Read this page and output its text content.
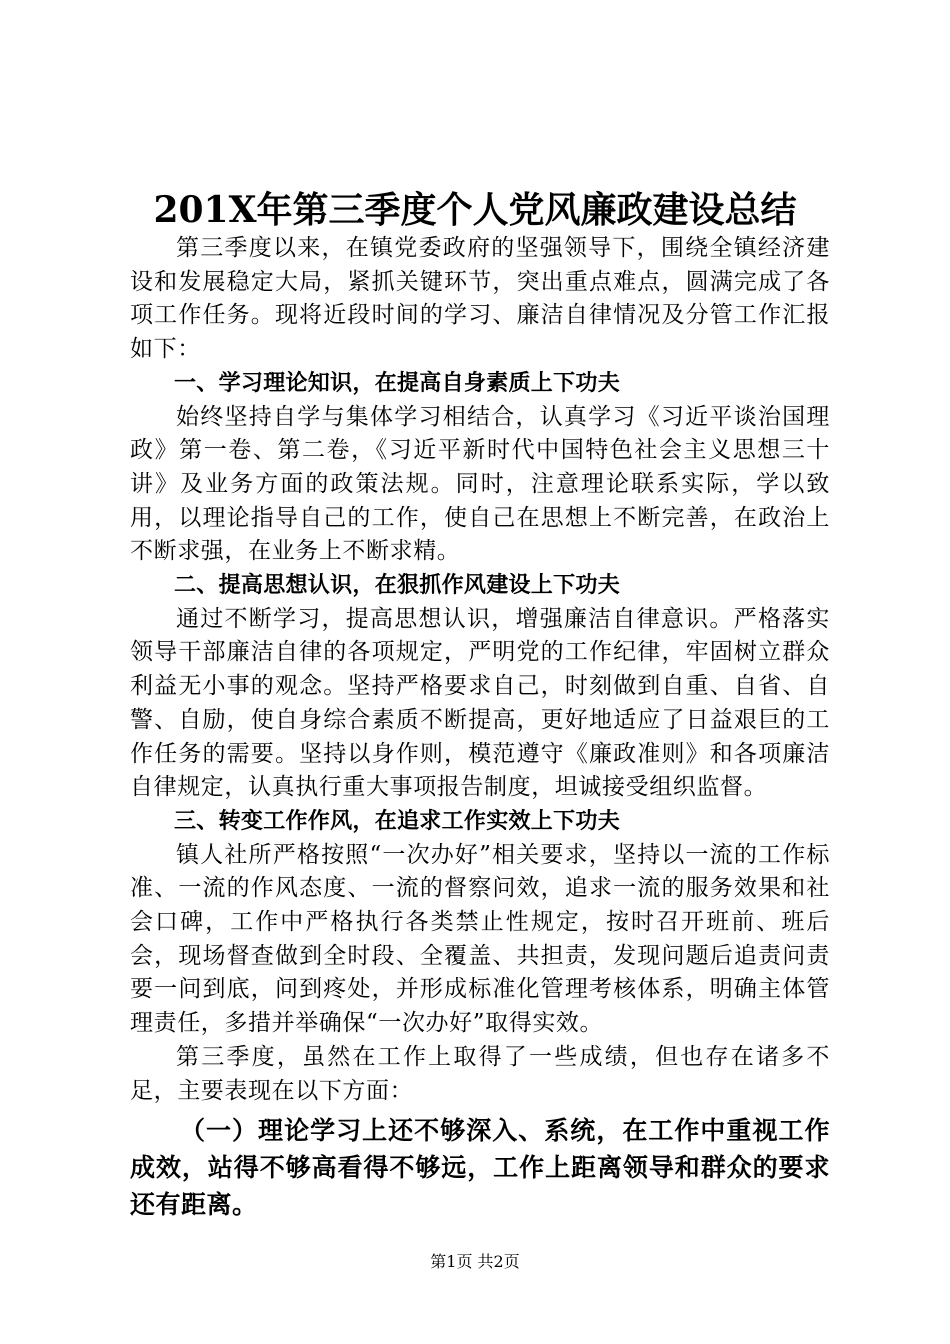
201X年第三季度个人党风廉政建设总结

第三季度以来，在镇党委政府的坚强领导下，围绕全镇经济建设和发展稳定大局，紧抓关键环节，突出重点难点，圆满完成了各项工作任务。现将近段时间的学习、廉洁自律情况及分管工作汇报如下：

一、学习理论知识，在提高自身素质上下功夫

始终坚持自学与集体学习相结合，认真学习《习近平谈治国理政》第一卷、第二卷，《习近平新时代中国特色社会主义思想三十讲》及业务方面的政策法规。同时，注意理论联系实际，学以致用，以理论指导自己的工作，使自己在思想上不断完善，在政治上不断求强，在业务上不断求精。

二、提高思想认识，在狠抓作风建设上下功夫

通过不断学习，提高思想认识，增强廉洁自律意识。严格落实领导干部廉洁自律的各项规定，严明党的工作纪律，牢固树立群众利益无小事的观念。坚持严格要求自己，时刻做到自重、自省、自警、自励，使自身综合素质不断提高，更好地适应了日益艰巨的工作任务的需要。坚持以身作则，模范遵守《廉政准则》和各项廉洁自律规定，认真执行重大事项报告制度，坦诚接受组织监督。

三、转变工作作风，在追求工作实效上下功夫

镇人社所严格按照“一次办好”相关要求，坚持以一流的工作标准、一流的作风态度、一流的督察问效，追求一流的服务效果和社会口碑，工作中严格执行各类禁止性规定，按时召开班前、班后会，现场督查做到全时段、全覆盖、共担责，发现问题后追责问责要一问到底，问到疼处，并形成标准化管理考核体系，明确主体管理责任，多措并举确保“一次办好”取得实效。

第三季度，虽然在工作上取得了一些成绩，但也存在诸多不足，主要表现在以下方面：

（一）理论学习上还不够深入、系统，在工作中重视工作成效，站得不够高看得不够远，工作上距离领导和群众的要求还有距离。

第1页 共2页
